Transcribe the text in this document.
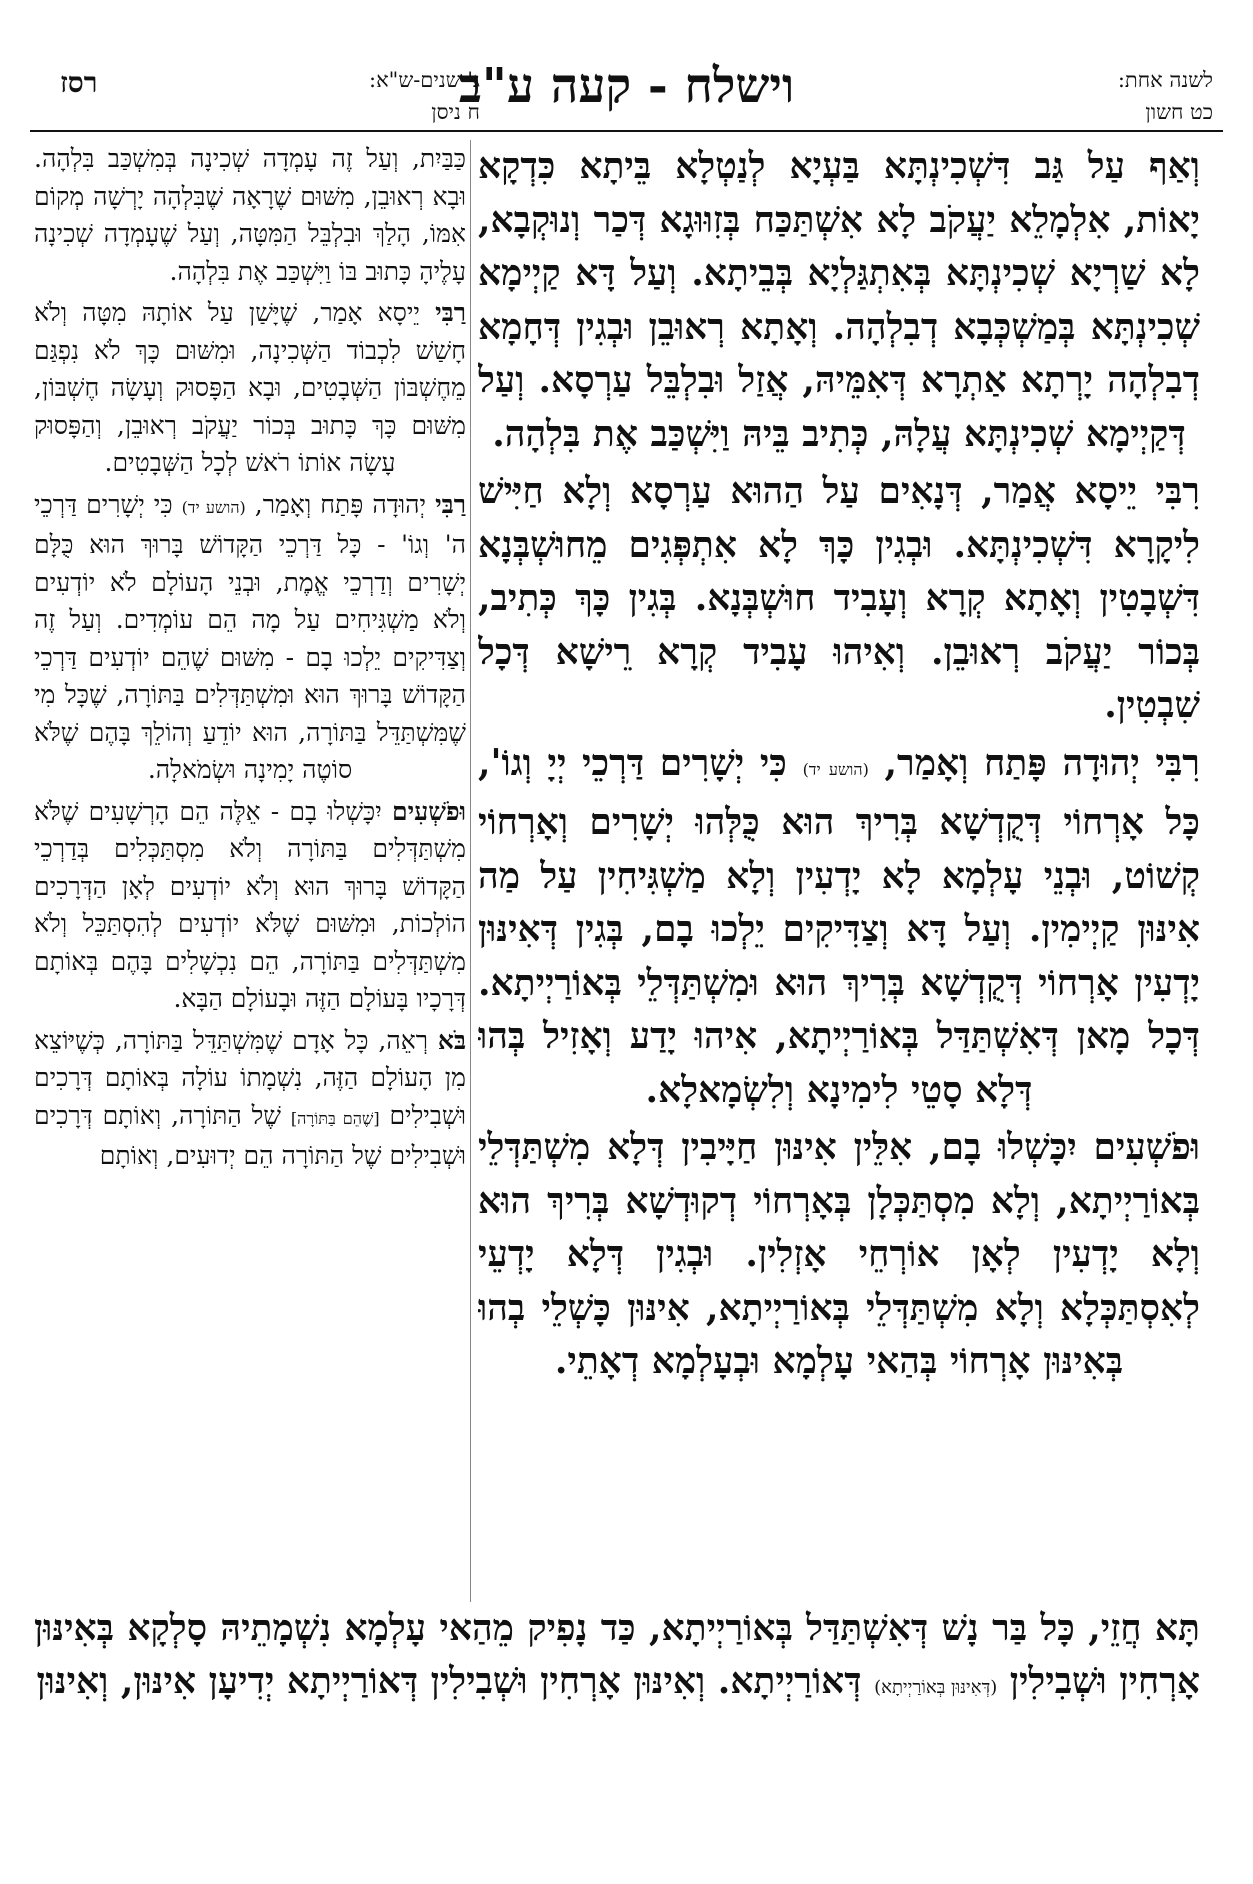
רסז	ג' שנים-ש"א:
ח ניסן
וישלח - קעה ע"ב	לשנה אחת:
כט חשון

וְאַף עַל גַּב דִּשְׁכִינְתָּא בַּעְיָא לְנַטְלָא בֵּיתָא כִּדְקָא יָאוֹת, אִלְמָלֵא יַעֲקֹב לָא אִשְׁתַּכַּח בְּזִוּוּגָא דְּכַר וְנוּקְבָא, לָא שַׁרְיָא שְׁכִינְתָּא בְּאִתְגַּלְיָא בְּבֵיתָא. וְעַל דָּא קַיְימָא שְׁכִינְתָּא בְּמַשְׁכְּבָא דְבִלְהָה. וְאָתָא רְאוּבֵן וּבְגִין דְּחָמָא דְבִלְהָה יָרְתָא אַתְרָא דְּאִמֵּיהּ, אֲזַל וּבִלְבֵּל עַרְסָא. וְעַל דְּקַיְימָא שְׁכִינְתָּא עֲלָהּ, כְּתִיב בֵּיהּ וַיִּשְׁכַּב אֶת בִּלְהָה.

רִבִּי יֵיסָא אֲמַר, דְּנָאִים עַל הַהוּא עַרְסָא וְלָא חַיִּישׁ לִיקָרָא דִּשְׁכִינְתָּא. וּבְגִין כָּךְ לָא אִתְפְּגִים מֵחוּשְׁבְּנָא דִּשְׁבָטִין וְאָתָא קְרָא וְעָבִיד חוּשְׁבְּנָא. בְּגִין כָּךְ כְּתִיב, בְּכוֹר יַעֲקֹב רְאוּבֵן. וְאִיהוּ עָבִיד קְרָא רֵישָׁא דְּכָל שִׁבְטִין.

רִבִּי יְהוּדָה פָּתַח וְאָמַר, (הושע יד) כִּי יְשָׁרִים דַּרְכֵי יְיָ וְגוֹ', כָּל אָרְחוֹי דְּקֻדְשָׁא בְּרִיךְ הוּא כֻּלְּהוּ יְשָׁרִים וְאָרְחוֹי קְשׁוֹט, וּבְנֵי עָלְמָא לָא יָדְעִין וְלָא מַשְׁגִּיחִין עַל מַה אִינּוּן קַיְימִין. וְעַל דָּא וְצַדִּיקִים יֵלְכוּ בָם, בְּגִין דְּאִינּוּן יָדְעִין אָרְחוֹי דְּקֻדְשָׁא בְּרִיךְ הוּא וּמִשְׁתַּדְּלֵי בְּאוֹרַיְיתָא. דְּכָל מָאן דְּאִשְׁתַּדַּל בְּאוֹרַיְיתָא, אִיהוּ יָדַע וְאָזִיל בְּהוּ דְּלָא סָטֵי לִימִינָא וְלִשְׂמָאלָא.

וּפֹשְׁעִים יִכָּשְׁלוּ בָם, אִלֵּין אִינּוּן חַיָּיבִין דְּלָא מִשְׁתַּדְּלֵי בְּאוֹרַיְיתָא, וְלָא מִסְתַּכְּלָן בְּאָרְחוֹי דְקוּדְשָׁא בְּרִיךְ הוּא וְלָא יָדְעִין לְאָן אוֹרְחֵי אָזְלִין. וּבְגִין דְּלָא יָדְעֵי לְאִסְתַּכְּלָא וְלָא מִשְׁתַּדְּלֵי בְּאוֹרַיְיתָא, אִינּוּן כָּשְׁלֵי בְהוּ בְּאִינּוּן אָרְחוֹי בְּהַאי עָלְמָא וּבְעָלְמָא דְאָתֵי.

כַּבַּיִת, וְעַל זֶה עָמְדָה שְׁכִינָה בְּמִשְׁכַּב בִּלְהָה. וּבָא רְאוּבֵן, מִשּׁוּם שֶׁרָאָה שֶׁבִּלְהָה יָרְשָׁה מְקוֹם אִמּוֹ, הָלַךְ וּבִלְבֵּל הַמִּטָּה, וְעַל שֶׁעָמְדָה שְׁכִינָה עָלֶיהָ כָּתוּב בּוֹ וַיִּשְׁכַּב אֶת בִּלְהָה.

רַבִּי יֵיסָא אָמַר, שֶׁיָּשַׁן עַל אוֹתָהּ מִטָּה וְלֹא חָשַׁשׁ לִכְבוֹד הַשְּׁכִינָה, וּמִשּׁוּם כָּךְ לֹא נִפְגַּם מֵחֶשְׁבּוֹן הַשְּׁבָטִים, וּבָא הַפָּסוּק וְעָשָׂה חֶשְׁבּוֹן, מִשּׁוּם כָּךְ כָּתוּב בְּכוֹר יַעֲקֹב רְאוּבֵן, וְהַפָּסוּק עָשָׂה אוֹתוֹ רֹאשׁ לְכָל הַשְּׁבָטִים.

רַבִּי יְהוּדָה פָּתַח וְאָמַר, (הושע יד) כִּי יְשָׁרִים דַּרְכֵי ה' וְגוֹ' - כָּל דַּרְכֵי הַקָּדוֹשׁ בָּרוּךְ הוּא כֻּלָּם יְשָׁרִים וְדַרְכֵי אֱמֶת, וּבְנֵי הָעוֹלָם לֹא יוֹדְעִים וְלֹא מַשְׁגִּיחִים עַל מָה הֵם עוֹמְדִים. וְעַל זֶה וְצַדִּיקִים יֵלְכוּ בָם - מִשּׁוּם שֶׁהֵם יוֹדְעִים דַּרְכֵי הַקָּדוֹשׁ בָּרוּךְ הוּא וּמִשְׁתַּדְּלִים בַּתּוֹרָה, שֶׁכָּל מִי שֶׁמִּשְׁתַּדֵּל בַּתּוֹרָה, הוּא יוֹדֵעַ וְהוֹלֵךְ בָּהֶם שֶׁלֹּא סוֹטֶה יָמִינָה וּשְׂמֹאלָה.

וּפֹשְׁעִים יִכָּשְׁלוּ בָם - אֵלֶּה הֵם הָרְשָׁעִים שֶׁלֹּא מִשְׁתַּדְּלִים בַּתּוֹרָה וְלֹא מִסְתַּכְּלִים בְּדַרְכֵי הַקָּדוֹשׁ בָּרוּךְ הוּא וְלֹא יוֹדְעִים לְאָן הַדְּרָכִים הוֹלְכוֹת, וּמִשּׁוּם שֶׁלֹּא יוֹדְעִים לְהִסְתַּכֵּל וְלֹא מִשְׁתַּדְּלִים בַּתּוֹרָה, הֵם נִכְשָׁלִים בָּהֶם בְּאוֹתָם דְּרָכָיו בָּעוֹלָם הַזֶּה וּבָעוֹלָם הַבָּא.

בֹּא רְאֵה, כָּל אָדָם שֶׁמִּשְׁתַּדֵּל בַּתּוֹרָה, כְּשֶׁיּוֹצֵא מִן הָעוֹלָם הַזֶּה, נִשְׁמָתוֹ עוֹלָה בְּאוֹתָם דְּרָכִים וּשְׁבִילִים [שֶׁהֵם בַּתּוֹרָה] שֶׁל הַתּוֹרָה, וְאוֹתָם דְּרָכִים וּשְׁבִילִים שֶׁל הַתּוֹרָה הֵם יְדוּעִים, וְאוֹתָם

תָּא חֲזֵי, כָּל בַּר נָשׁ דְּאִשְׁתַּדַּל בְּאוֹרַיְיתָא, כַּד נָפִיק מֵהַאי עָלְמָא נִשְׁמָתֵיהּ סָלְקָא בְּאִינּוּן אָרְחִין וּשְׁבִילִין (דְּאִינּוּן בְּאוֹרַיְיתָא) דְּאוֹרַיְיתָא. וְאִינּוּן אָרְחִין וּשְׁבִילִין דְּאוֹרַיְיתָא יְדִיעָן אִינּוּן, וְאִינּוּן
